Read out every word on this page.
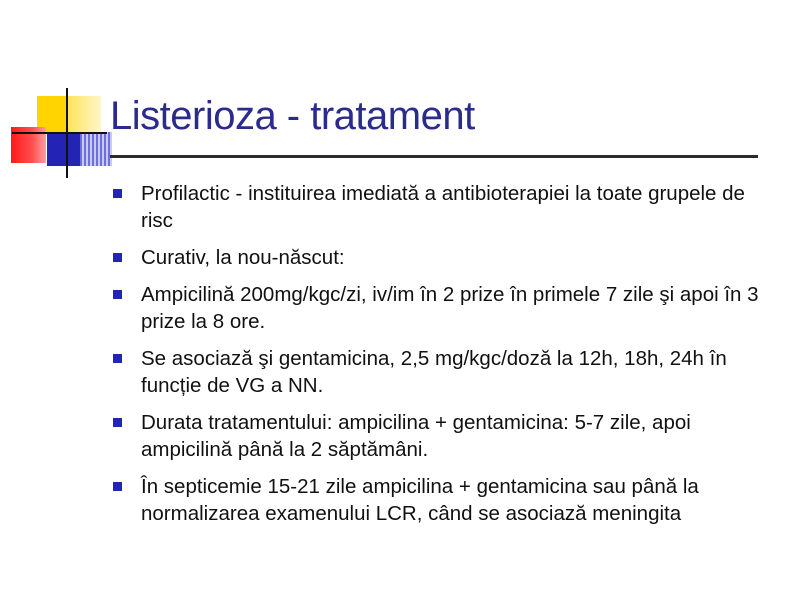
Listerioza - tratament
Profilactic - instituirea imediată a antibioterapiei la toate grupele de risc
Curativ, la nou-născut:
Ampicilină 200mg/kgc/zi, iv/im în 2 prize în primele 7 zile şi apoi în 3 prize la 8 ore.
Se asociază şi gentamicina, 2,5 mg/kgc/doză la 12h, 18h, 24h în funcție de VG a NN.
Durata tratamentului: ampicilina + gentamicina: 5-7 zile, apoi ampicilină până la 2 săptămâni.
În septicemie 15-21 zile ampicilina + gentamicina sau până la normalizarea examenului LCR, când se asociază meningita
